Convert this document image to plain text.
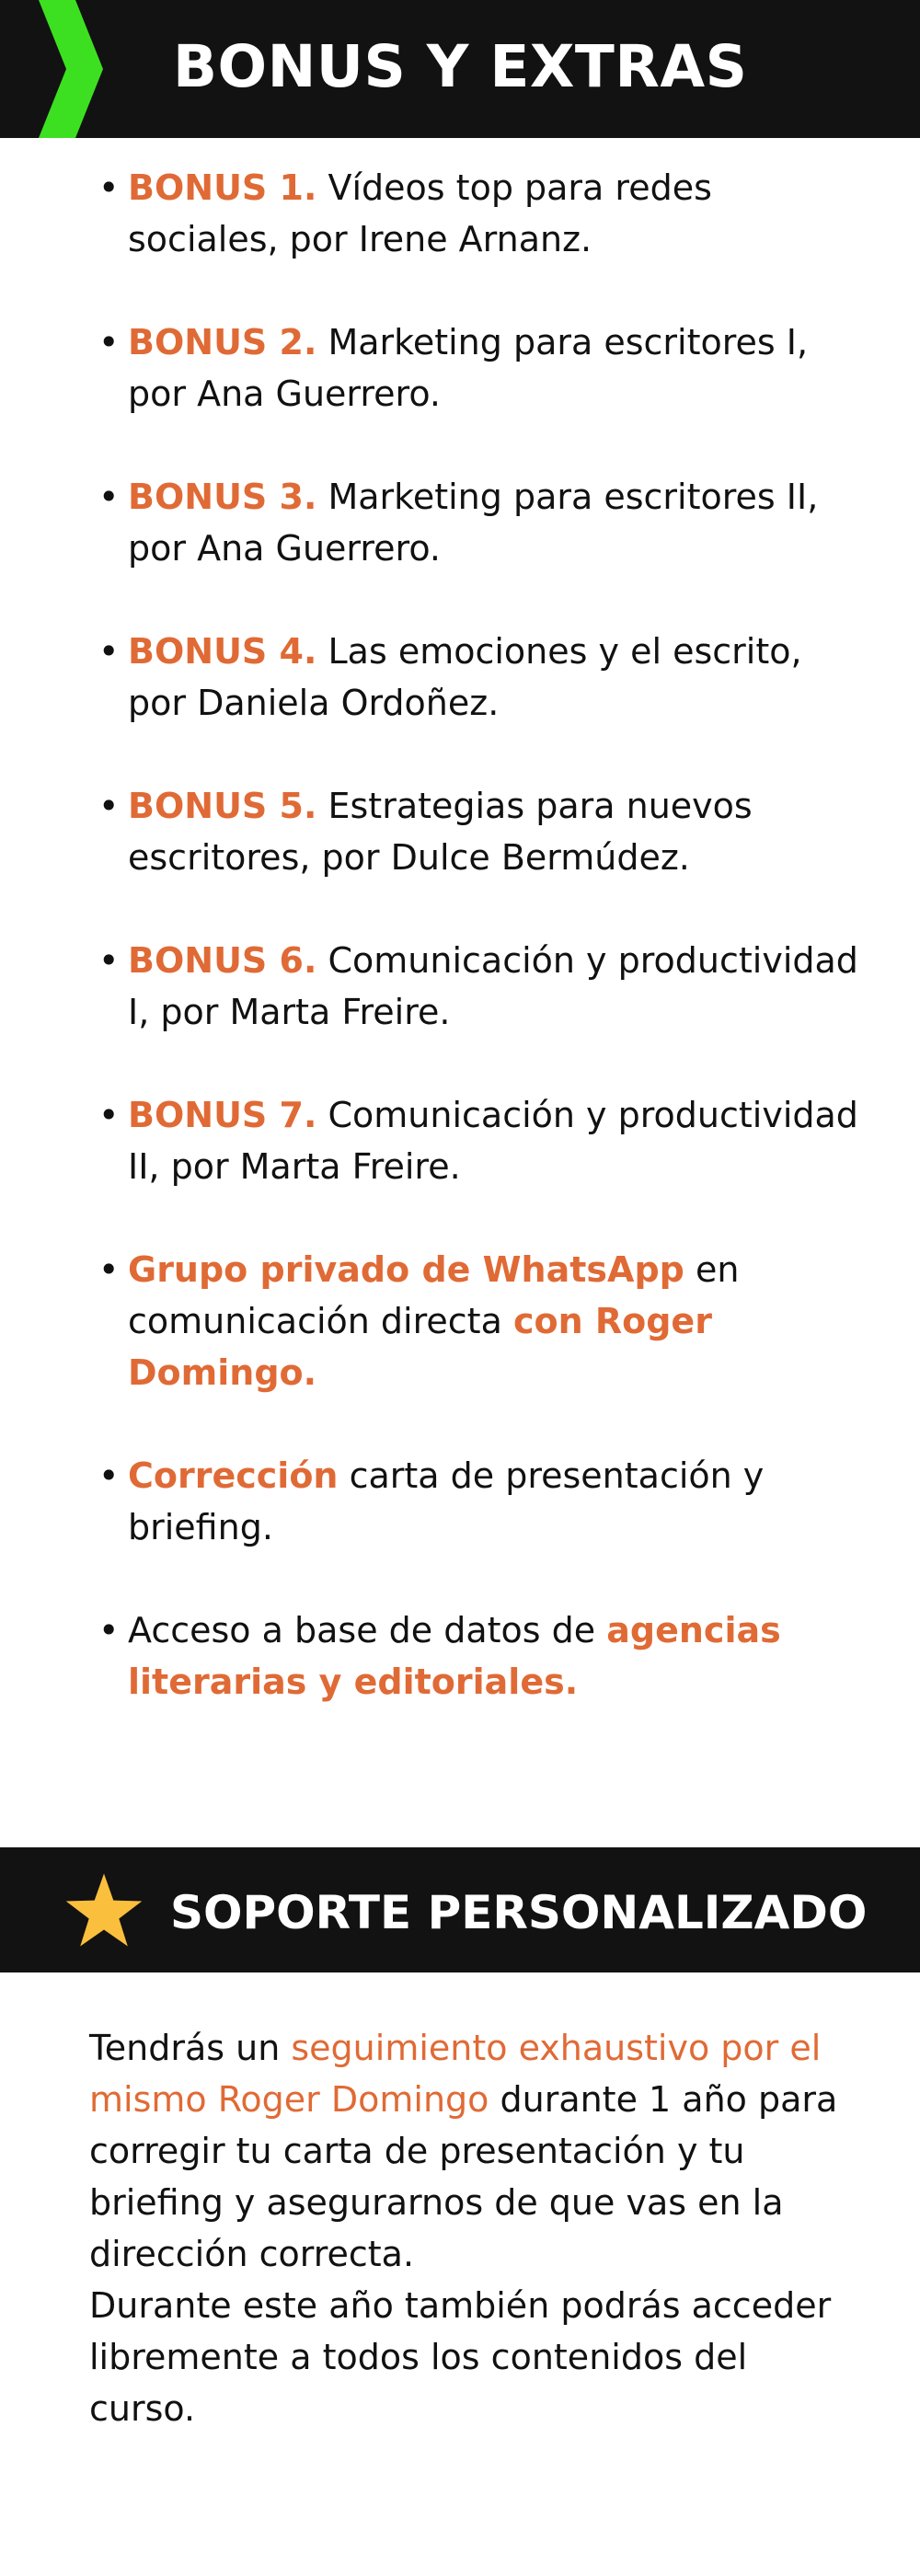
BONUS Y EXTRAS
• BONUS 1. Vídeos top para redes sociales, por Irene Arnanz.
• BONUS 2. Marketing para escritores I, por Ana Guerrero.
• BONUS 3. Marketing para escritores II, por Ana Guerrero.
• BONUS 4. Las emociones y el escrito, por Daniela Ordoñez.
• BONUS 5. Estrategias para nuevos escritores, por Dulce Bermúdez.
• BONUS 6. Comunicación y productividad I, por Marta Freire.
• BONUS 7. Comunicación y productividad II, por Marta Freire.
• Grupo privado de WhatsApp en comunicación directa con Roger Domingo.
• Corrección carta de presentación y briefing.
• Acceso a base de datos de agencias literarias y editoriales.
SOPORTE PERSONALIZADO

Tendrás un seguimiento exhaustivo por el mismo Roger Domingo durante 1 año para corregir tu carta de presentación y tu briefing y asegurarnos de que vas en la dirección correcta.
Durante este año también podrás acceder libremente a todos los contenidos del curso.
